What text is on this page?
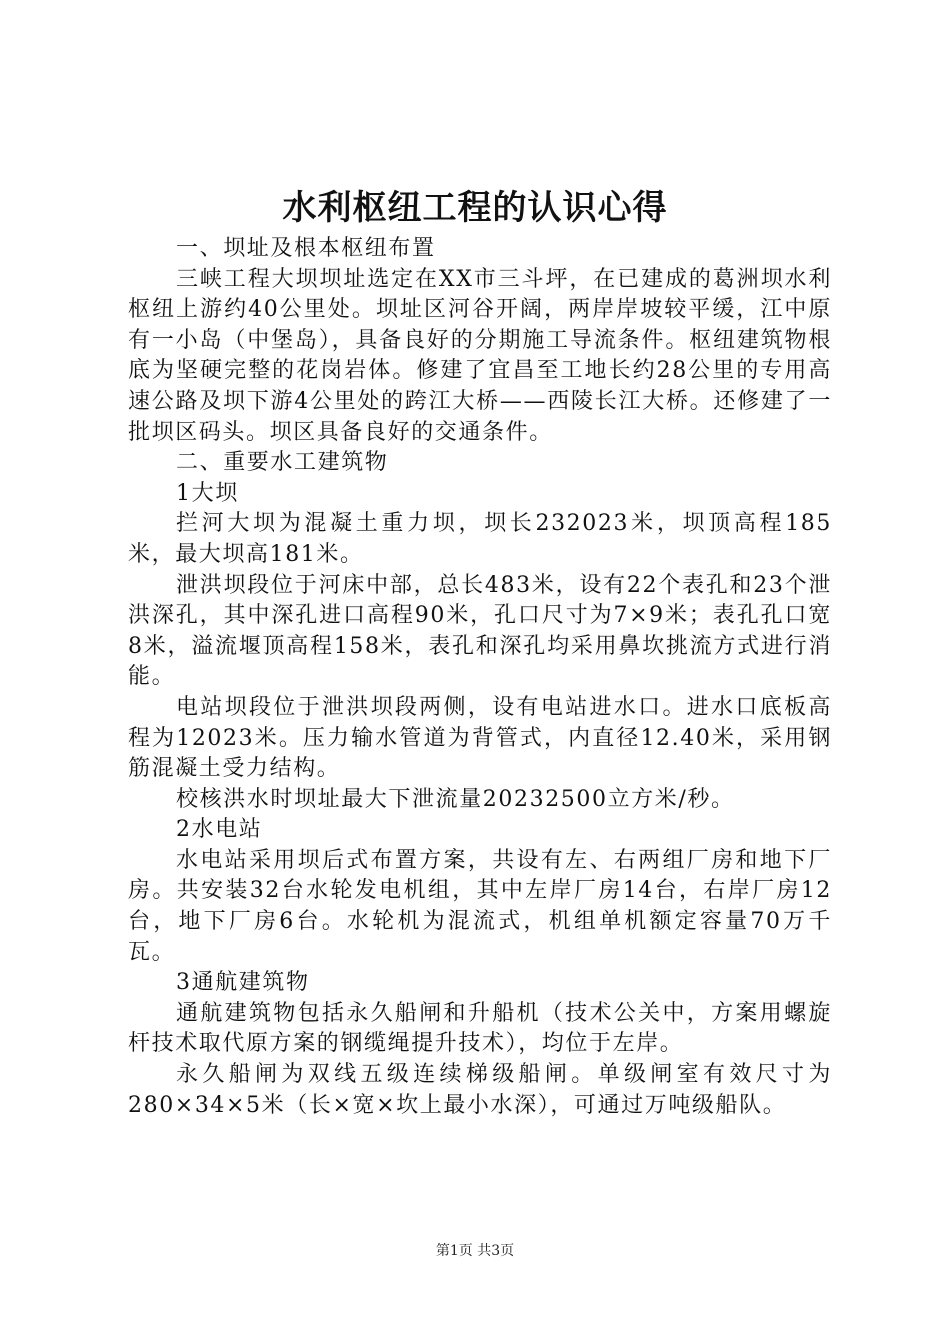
水利枢纽工程的认识心得

一、坝址及根本枢纽布置

三峡工程大坝坝址选定在XX市三斗坪，在已建成的葛洲坝水利枢纽上游约40公里处。坝址区河谷开阔，两岸岸坡较平缓，江中原有一小岛（中堡岛），具备良好的分期施工导流条件。枢纽建筑物根底为坚硬完整的花岗岩体。修建了宜昌至工地长约28公里的专用高速公路及坝下游4公里处的跨江大桥——西陵长江大桥。还修建了一批坝区码头。坝区具备良好的交通条件。

二、重要水工建筑物

1大坝

拦河大坝为混凝土重力坝，坝长232023米，坝顶高程185米，最大坝高181米。

泄洪坝段位于河床中部，总长483米，设有22个表孔和23个泄洪深孔，其中深孔进口高程90米，孔口尺寸为7×9米；表孔孔口宽8米，溢流堰顶高程158米，表孔和深孔均采用鼻坎挑流方式进行消能。

电站坝段位于泄洪坝段两侧，设有电站进水口。进水口底板高程为12023米。压力输水管道为背管式，内直径12.40米，采用钢筋混凝土受力结构。

校核洪水时坝址最大下泄流量20232500立方米/秒。

2水电站

水电站采用坝后式布置方案，共设有左、右两组厂房和地下厂房。共安装32台水轮发电机组，其中左岸厂房14台，右岸厂房12台，地下厂房6台。水轮机为混流式，机组单机额定容量70万千瓦。

3通航建筑物

通航建筑物包括永久船闸和升船机（技术公关中，方案用螺旋杆技术取代原方案的钢缆绳提升技术），均位于左岸。

永久船闸为双线五级连续梯级船闸。单级闸室有效尺寸为280×34×5米（长×宽×坎上最小水深），可通过万吨级船队。

第1页 共3页
